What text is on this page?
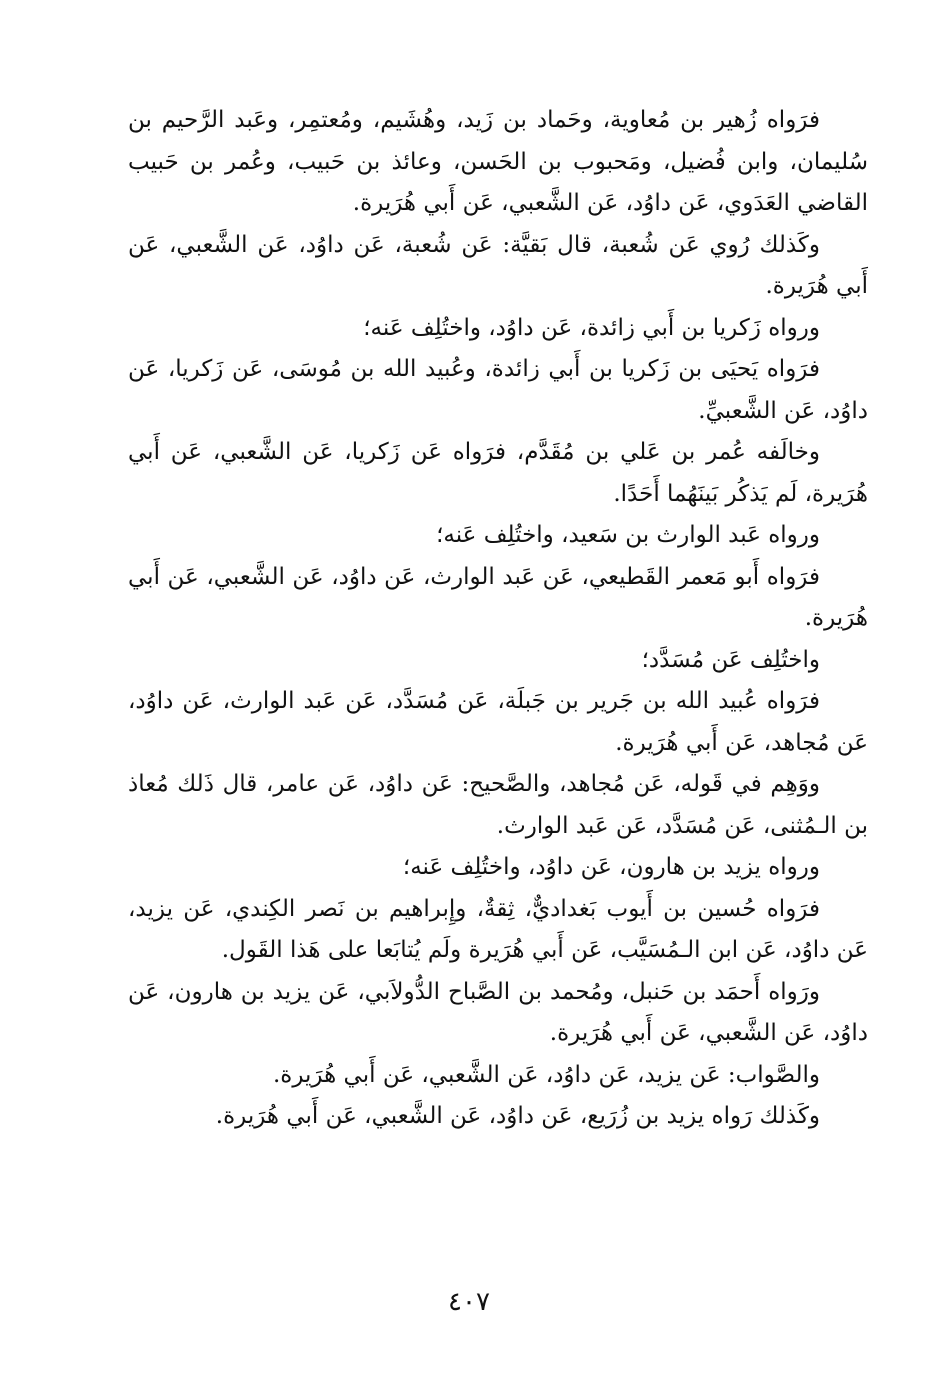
فرَواه زُهير بن مُعاوية، وحَماد بن زَيد، وهُشَيم، ومُعتمِر، وعَبد الرَّحيم بن سُليمان، وابن فُضيل، ومَحبوب بن الحَسن، وعائذ بن حَبيب، وعُمر بن حَبيب القاضي العَدَوي، عَن داوُد، عَن الشَّعبي، عَن أَبي هُرَيرة.

وكَذلك رُوي عَن شُعبة، قال بَقيَّة: عَن شُعبة، عَن داوُد، عَن الشَّعبي، عَن أَبي هُرَيرة.

ورواه زَكريا بن أَبي زائدة، عَن داوُد، واختُلِف عَنه؛

فرَواه يَحيَى بن زَكريا بن أَبي زائدة، وعُبيد الله بن مُوسَى، عَن زَكريا، عَن داوُد، عَن الشَّعبيِّ.

وخالَفه عُمر بن عَلي بن مُقَدَّم، فرَواه عَن زَكريا، عَن الشَّعبي، عَن أَبي هُرَيرة، لَم يَذكُر بَينَهُما أَحَدًا.

ورواه عَبد الوارث بن سَعيد، واختُلِف عَنه؛

فرَواه أَبو مَعمر القَطيعي، عَن عَبد الوارث، عَن داوُد، عَن الشَّعبي، عَن أَبي هُرَيرة.

واختُلِف عَن مُسَدَّد؛

فرَواه عُبيد الله بن جَرير بن جَبلَة، عَن مُسَدَّد، عَن عَبد الوارث، عَن داوُد، عَن مُجاهد، عَن أَبي هُرَيرة.

ووَهِم في قَوله، عَن مُجاهد، والصَّحيح: عَن داوُد، عَن عامر، قال ذَلك مُعاذ بن الـمُثنى، عَن مُسَدَّد، عَن عَبد الوارث.

ورواه يزيد بن هارون، عَن داوُد، واختُلِف عَنه؛

فرَواه حُسين بن أَيوب بَغداديٌّ، ثِقةٌ، وإِبراهيم بن نَصر الكِندي، عَن يزيد، عَن داوُد، عَن ابن الـمُسَيَّب، عَن أَبي هُرَيرة ولَم يُتابَعا على هَذا القَول.

ورَواه أَحمَد بن حَنبل، ومُحمد بن الصَّباح الدُّولاَبي، عَن يزيد بن هارون، عَن داوُد، عَن الشَّعبي، عَن أَبي هُرَيرة.

والصَّواب: عَن يزيد، عَن داوُد، عَن الشَّعبي، عَن أَبي هُرَيرة.

وكَذلك رَواه يزيد بن زُرَيع، عَن داوُد، عَن الشَّعبي، عَن أَبي هُرَيرة.

٤٠٧
